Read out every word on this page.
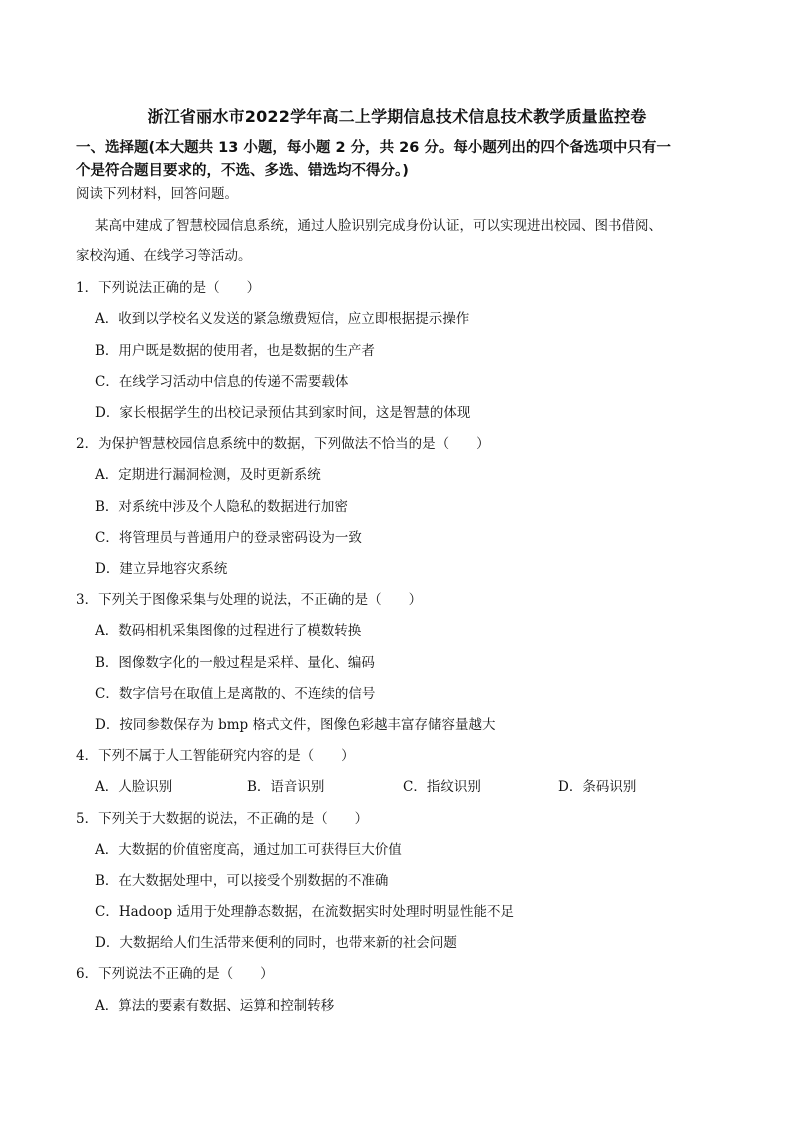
浙江省丽水市2022学年高二上学期信息技术信息技术教学质量监控卷
一、选择题(本大题共 13 小题，每小题 2 分，共 26 分。每小题列出的四个备选项中只有一
个是符合题目要求的，不选、多选、错选均不得分。)
阅读下列材料，回答问题。
某高中建成了智慧校园信息系统，通过人脸识别完成身份认证，可以实现进出校园、图书借阅、
家校沟通、在线学习等活动。
1．下列说法正确的是（　　）
A．收到以学校名义发送的紧急缴费短信，应立即根据提示操作
B．用户既是数据的使用者，也是数据的生产者
C．在线学习活动中信息的传递不需要载体
D．家长根据学生的出校记录预估其到家时间，这是智慧的体现
2．为保护智慧校园信息系统中的数据，下列做法不恰当的是（　　）
A．定期进行漏洞检测，及时更新系统
B．对系统中涉及个人隐私的数据进行加密
C．将管理员与普通用户的登录密码设为一致
D．建立异地容灾系统
3．下列关于图像采集与处理的说法，不正确的是（　　）
A．数码相机采集图像的过程进行了模数转换
B．图像数字化的一般过程是采样、量化、编码
C．数字信号在取值上是离散的、不连续的信号
D．按同参数保存为 bmp 格式文件，图像色彩越丰富存储容量越大
4．下列不属于人工智能研究内容的是（　　）
A．人脸识别	B．语音识别	C．指纹识别	D．条码识别
5．下列关于大数据的说法，不正确的是（　　）
A．大数据的价值密度高，通过加工可获得巨大价值
B．在大数据处理中，可以接受个别数据的不准确
C．Hadoop 适用于处理静态数据，在流数据实时处理时明显性能不足
D．大数据给人们生活带来便利的同时，也带来新的社会问题
6．下列说法不正确的是（　　）
A．算法的要素有数据、运算和控制转移
